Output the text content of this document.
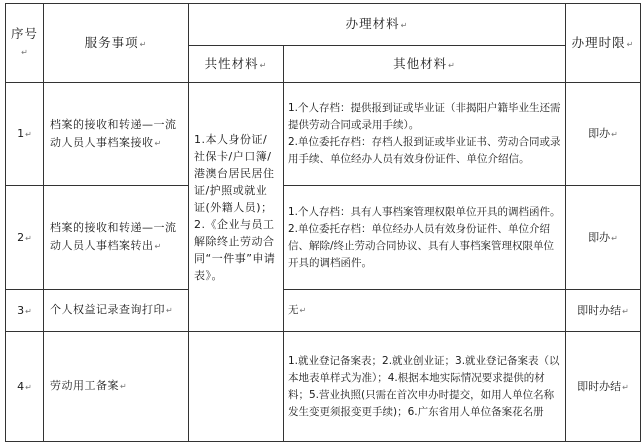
序号↵	服务事项↵	办理材料↵		办理时限↵
		共性材料↵	其他材料↵	
1↵	档案的接收和转递—一流动人员人事档案接收↵	1.本人身份证/社保卡/户口簿/港澳台居民居住证/护照或就业证(外籍人员)；
2.《企业与员工解除终止劳动合同“一件事”申请表》。	1.个人存档：提供报到证或毕业证（非揭阳户籍毕业生还需提供劳动合同或录用手续）。
2.单位委托存档：存档人报到证或毕业证书、劳动合同或录用手续、单位经办人员有效身份证件、单位介绍信。	即办↵
2↵	档案的接收和转递—一流动人员人事档案转出↵		1.个人存档：具有人事档案管理权限单位开具的调档函件。
2.单位委托存档：单位经办人员有效身份证件、单位介绍信、解除/终止劳动合同协议、具有人事档案管理权限单位开具的调档函件。	即办↵
3↵	个人权益记录查询打印↵		无↵	即时办结↵
4↵	劳动用工备案↵		1.就业登记备案表；2.就业创业证；3.就业登记备案表（以本地表单样式为准）；4.根据本地实际情况要求提供的材料；5.营业执照(只需在首次申办时提交，如用人单位名称发生变更须报变更手续)；6.广东省用人单位备案花名册	即时办结↵
